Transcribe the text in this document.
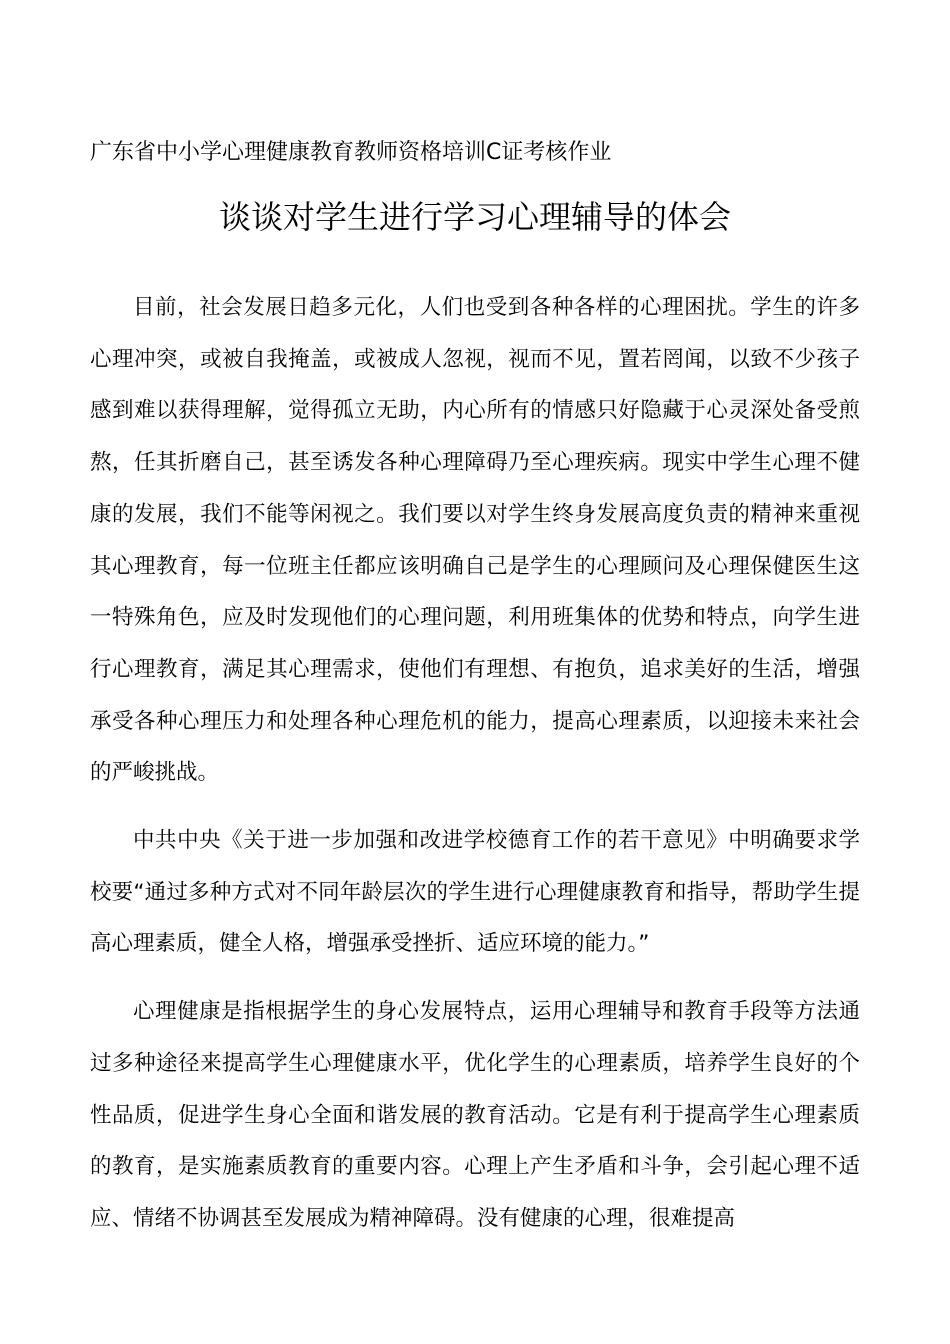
广东省中小学心理健康教育教师资格培训C证考核作业
谈谈对学生进行学习心理辅导的体会

目前，社会发展日趋多元化，人们也受到各种各样的心理困扰。学生的许多心理冲突，或被自我掩盖，或被成人忽视，视而不见，置若罔闻，以致不少孩子感到难以获得理解，觉得孤立无助，内心所有的情感只好隐藏于心灵深处备受煎熬，任其折磨自己，甚至诱发各种心理障碍乃至心理疾病。现实中学生心理不健康的发展，我们不能等闲视之。我们要以对学生终身发展高度负责的精神来重视其心理教育，每一位班主任都应该明确自己是学生的心理顾问及心理保健医生这一特殊角色，应及时发现他们的心理问题，利用班集体的优势和特点，向学生进行心理教育，满足其心理需求，使他们有理想、有抱负，追求美好的生活，增强承受各种心理压力和处理各种心理危机的能力，提高心理素质，以迎接未来社会的严峻挑战。

中共中央《关于进一步加强和改进学校德育工作的若干意见》中明确要求学校要“通过多种方式对不同年龄层次的学生进行心理健康教育和指导，帮助学生提高心理素质，健全人格，增强承受挫折、适应环境的能力。”

心理健康是指根据学生的身心发展特点，运用心理辅导和教育手段等方法通过多种途径来提高学生心理健康水平，优化学生的心理素质，培养学生良好的个性品质，促进学生身心全面和谐发展的教育活动。它是有利于提高学生心理素质的教育，是实施素质教育的重要内容。心理上产生矛盾和斗争，会引起心理不适应、情绪不协调甚至发展成为精神障碍。没有健康的心理，很难提高
